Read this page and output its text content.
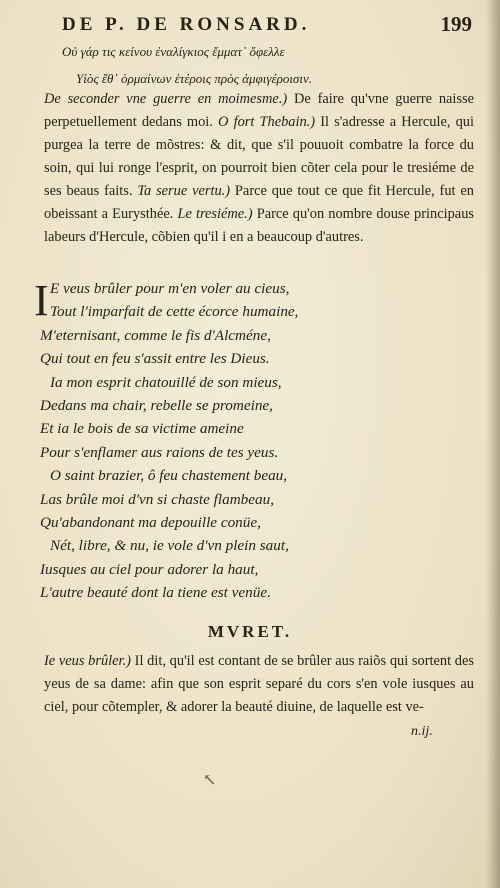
DE P. DE RONSARD.	199
Οὐ γάρ τις κείνου ἐναλίγκιος ἔμματ᾽ ὄφελλε
Υἱὸς ἔθ᾽ ὁρμαίνων ἑτέροις πρὸς ἀμφιγέροισιν.
De seconder vne guerre en moimesme.) De faire qu'vne guerre naisse perpetuellement dedans moi. O fort Thebain.) Il s'adresse a Hercule, qui purgea la terre de mõstres: & dit, que s'il pouuoit combatre la force du soin, qui lui ronge l'esprit, on pourroit bien cõter cela pour le tresiéme de ses beaus faits. Ta serue vertu.) Parce que tout ce que fit Hercule, fut en obeissant a Eurysthée. Le tresiéme.) Parce qu'on nombre douse principaus labeurs d'Hercule, cõbien qu'il i en a beaucoup d'autres.
I E veus brûler pour m'en voler au cieus,
Tout l'imparfait de cette écorce humaine,
M'eternisant, comme le fis d'Alcméne,
Qui tout en feu s'assit entre les Dieus.
Ia mon esprit chatouillé de son mieus,
Dedans ma chair, rebelle se promeine,
Et ia le bois de sa victime ameine
Pour s'enflamer aus raions de tes yeus.
O saint brazier, ô feu chastement beau,
Las brûle moi d'vn si chaste flambeau,
Qu'abandonant ma depouille conüe,
Nét, libre, & nu, ie vole d'vn plein saut,
Iusques au ciel pour adorer la haut,
L'autre beauté dont la tiene est venüe.
MVRET.
Ie veus brûler.) Il dit, qu'il est contant de se brûler aus raiõs qui sortent des yeus de sa dame: afin que son esprit separé du cors s'en vole iusques au ciel, pour cõtempler, & adorer la beauté diuine, de laquelle est ve-
n.ij.
↖
